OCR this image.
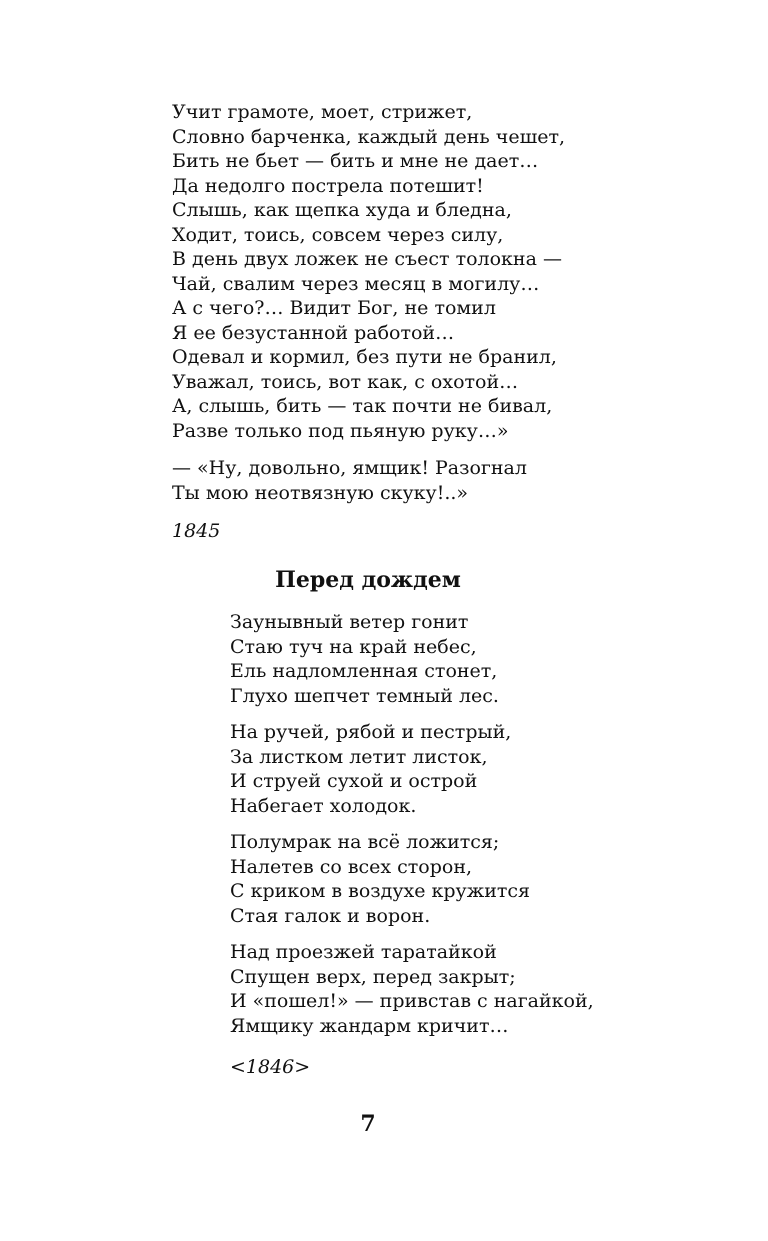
Учит грамоте, моет, стрижет,
Словно барченка, каждый день чешет,
Бить не бьет — бить и мне не дает…
Да недолго пострела потешит!
Слышь, как щепка худа и бледна,
Ходит, тоись, совсем через силу,
В день двух ложек не съест толокна —
Чай, свалим через месяц в могилу…
А с чего?… Видит Бог, не томил
Я ее безустанной работой…
Одевал и кормил, без пути не бранил,
Уважал, тоись, вот как, с охотой…
А, слышь, бить — так почти не бивал,
Разве только под пьяную руку…»
— «Ну, довольно, ямщик! Разогнал
Ты мою неотвязную скуку!..»
1845
Перед дождем
Заунывный ветер гонит
Стаю туч на край небес,
Ель надломленная стонет,
Глухо шепчет темный лес.
На ручей, рябой и пестрый,
За листком летит листок,
И струей сухой и острой
Набегает холодок.
Полумрак на всё ложится;
Налетев со всех сторон,
С криком в воздухе кружится
Стая галок и ворон.
Над проезжей таратайкой
Спущен верх, перед закрыт;
И «пошел!» — привстав с нагайкой,
Ямщику жандарм кричит…
<1846>
7
